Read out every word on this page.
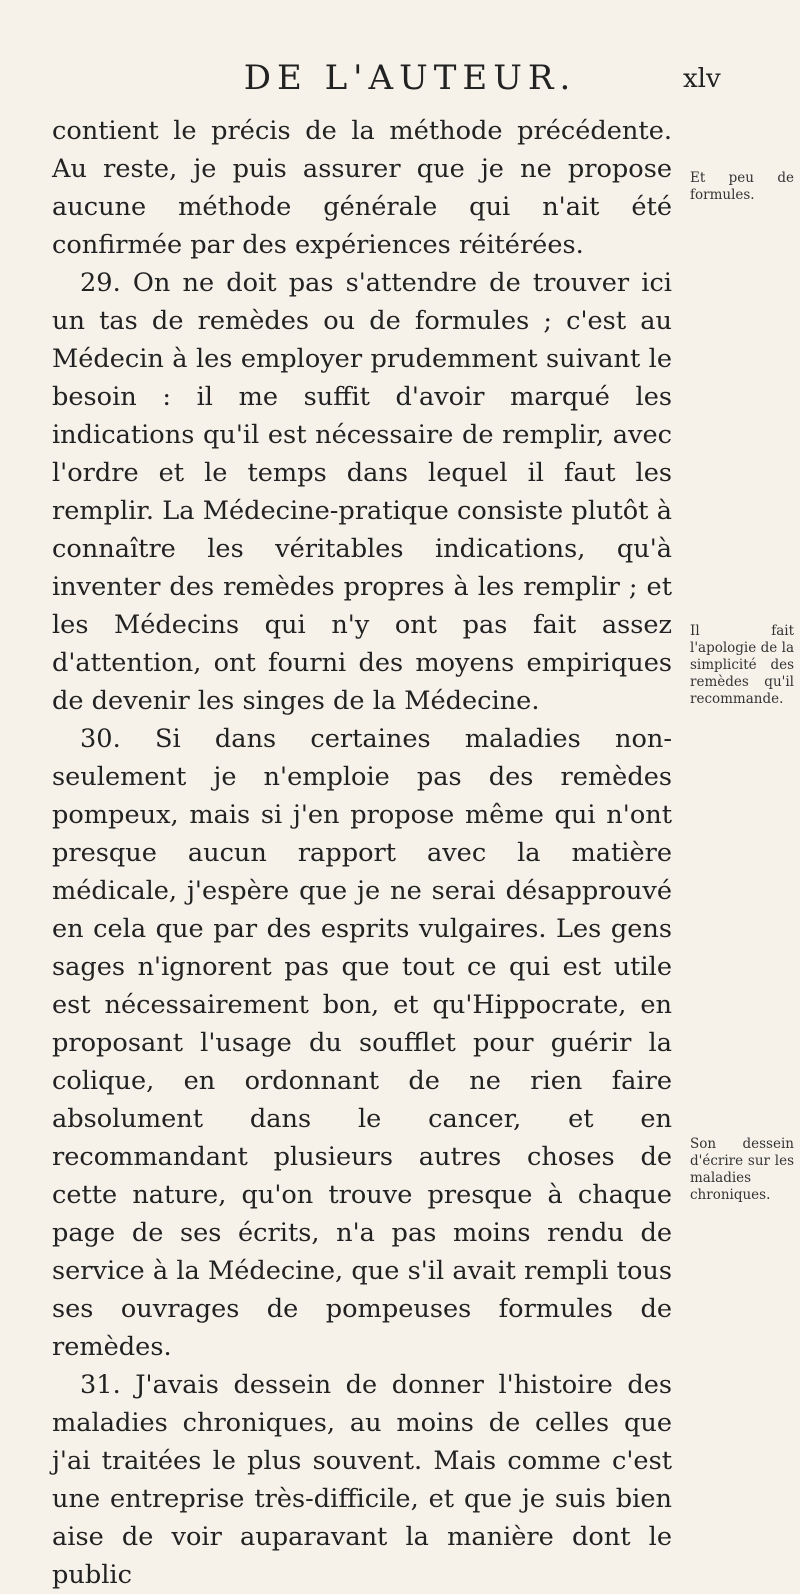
DE L'AUTEUR.	xlv

contient le précis de la méthode précédente. Au reste, je puis assurer que je ne propose aucune méthode générale qui n'ait été confirmée par des expériences réitérées.

29. On ne doit pas s'attendre de trouver ici un tas de remèdes ou de formules ; c'est au Médecin à les employer prudemment suivant le besoin : il me suffit d'avoir marqué les indications qu'il est nécessaire de remplir, avec l'ordre et le temps dans lequel il faut les remplir. La Médecine-pratique consiste plutôt à connaître les véritables indications, qu'à inventer des remèdes propres à les remplir ; et les Médecins qui n'y ont pas fait assez d'attention, ont fourni des moyens empiriques de devenir les singes de la Médecine.

30. Si dans certaines maladies non-seulement je n'emploie pas des remèdes pompeux, mais si j'en propose même qui n'ont presque aucun rapport avec la matière médicale, j'espère que je ne serai désapprouvé en cela que par des esprits vulgaires. Les gens sages n'ignorent pas que tout ce qui est utile est nécessairement bon, et qu'Hippocrate, en proposant l'usage du soufflet pour guérir la colique, en ordonnant de ne rien faire absolument dans le cancer, et en recommandant plusieurs autres choses de cette nature, qu'on trouve presque à chaque page de ses écrits, n'a pas moins rendu de service à la Médecine, que s'il avait rempli tous ses ouvrages de pompeuses formules de remèdes.

31. J'avais dessein de donner l'histoire des maladies chroniques, au moins de celles que j'ai traitées le plus souvent. Mais comme c'est une entreprise très-difficile, et que je suis bien aise de voir auparavant la manière dont le public

Et peu de formules.
Il fait l'apologie de la simplicité des remèdes qu'il recommande.
Son dessein d'écrire sur les maladies chroniques.
